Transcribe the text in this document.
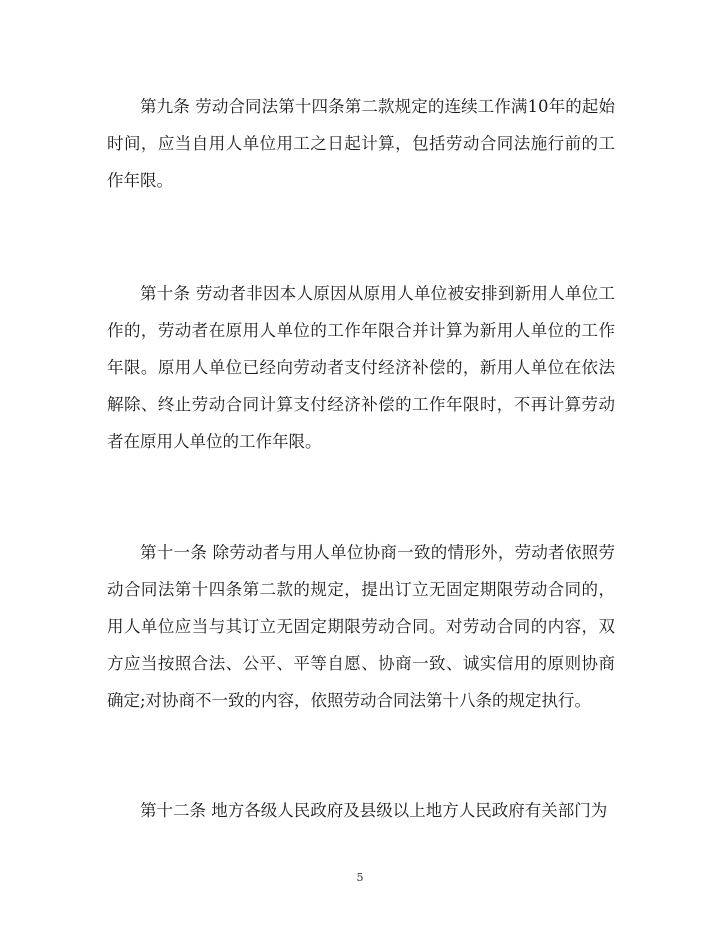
第九条 劳动合同法第十四条第二款规定的连续工作满10年的起始时间，应当自用人单位用工之日起计算，包括劳动合同法施行前的工作年限。

第十条 劳动者非因本人原因从原用人单位被安排到新用人单位工作的，劳动者在原用人单位的工作年限合并计算为新用人单位的工作年限。原用人单位已经向劳动者支付经济补偿的，新用人单位在依法解除、终止劳动合同计算支付经济补偿的工作年限时，不再计算劳动者在原用人单位的工作年限。

第十一条 除劳动者与用人单位协商一致的情形外，劳动者依照劳动合同法第十四条第二款的规定，提出订立无固定期限劳动合同的，用人单位应当与其订立无固定期限劳动合同。对劳动合同的内容，双方应当按照合法、公平、平等自愿、协商一致、诚实信用的原则协商确定;对协商不一致的内容，依照劳动合同法第十八条的规定执行。

第十二条 地方各级人民政府及县级以上地方人民政府有关部门为

5
